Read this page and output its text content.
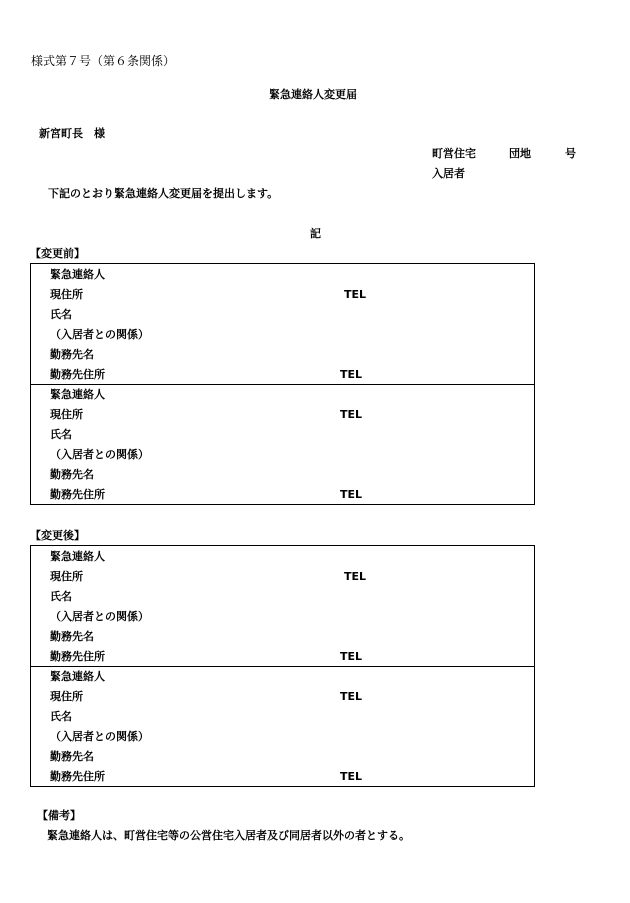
様式第７号（第６条関係）
緊急連絡人変更届
新宮町長　様
町営住宅	団地	号
入居者
下記のとおり緊急連絡人変更届を提出します。
記
【変更前】
緊急連絡人
現住所	TEL
氏名
（入居者との関係）
勤務先名
勤務先住所	TEL
緊急連絡人
現住所	TEL
氏名
（入居者との関係）
勤務先名
勤務先住所	TEL
【変更後】
緊急連絡人
現住所	TEL
氏名
（入居者との関係）
勤務先名
勤務先住所	TEL
緊急連絡人
現住所	TEL
氏名
（入居者との関係）
勤務先名
勤務先住所	TEL
【備考】
緊急連絡人は、町営住宅等の公営住宅入居者及び同居者以外の者とする。
